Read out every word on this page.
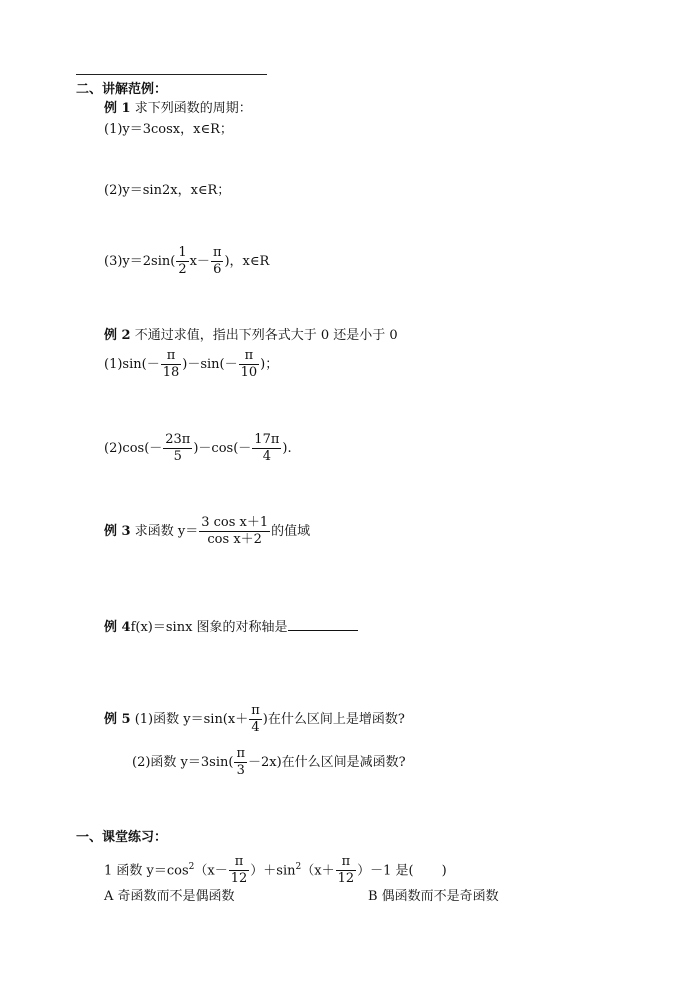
二、讲解范例：
例 1 求下列函数的周期：
(1)y＝3cosx，x∈R；
(2)y＝sin2x，x∈R；
$(3)y=2\sin( \frac{1}{2} x- \frac{\pi}{6}$ )，x∈R
例 2 不通过求值，指出下列各式大于 0 还是小于 0
$(1)\sin(- \frac{\pi}{18} )-\sin(- \frac{\pi}{10}$ )；
$(2)\cos(- \frac{23\pi}{5} )-\cos(- \frac{17\pi}{4}$ ).
例 3 求函数 $y= \frac{\text{3 cos x＋1}}{\text{cos x＋2}}$ 的值域
例 4f(x)＝sinx 图象的对称轴是
例 5 (1)函数 $y=\sin(x+ \frac{\pi}{4}$ )在什么区间上是增函数?
(2)函数 $y=3\sin( \frac{\pi}{3} -2x)$在什么区间是减函数?
一、课堂练习：
1 函数 $y=\cos^2(x- \frac{\pi}{12} )+\sin^2(x+ \frac{\pi}{12} )-1$ 是( )
A 奇函数而不是偶函数	B 偶函数而不是奇函数
